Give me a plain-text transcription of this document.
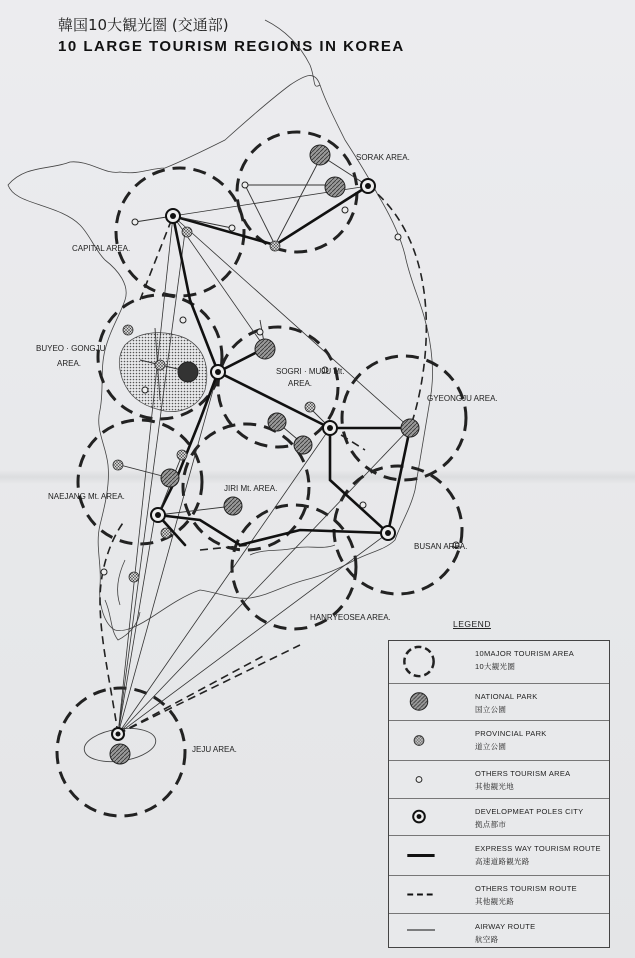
韓国10大観光圏 (交通部)
10 LARGE TOURISM REGIONS IN KOREA
CAPITAL AREA.
SORAK AREA.
BUYEO · GONGJU
AREA.
SOGRI · MUJU Mt.
AREA.
GYEONGJU AREA.
NAEJANG Mt. AREA.
JIRI Mt. AREA.
BUSAN AREA.
HANRYEOSEA AREA.
JEJU AREA.
LEGEND
10MAJOR TOURISM AREA
10大観光圏
NATIONAL PARK
国立公園
PROVINCIAL PARK
道立公園
OTHERS TOURISM AREA
其他観光地
DEVELOPMEAT POLES CITY
拠点都市
EXPRESS WAY TOURISM ROUTE
高速道路観光路
OTHERS TOURISM ROUTE
其他観光路
AIRWAY ROUTE
航空路
